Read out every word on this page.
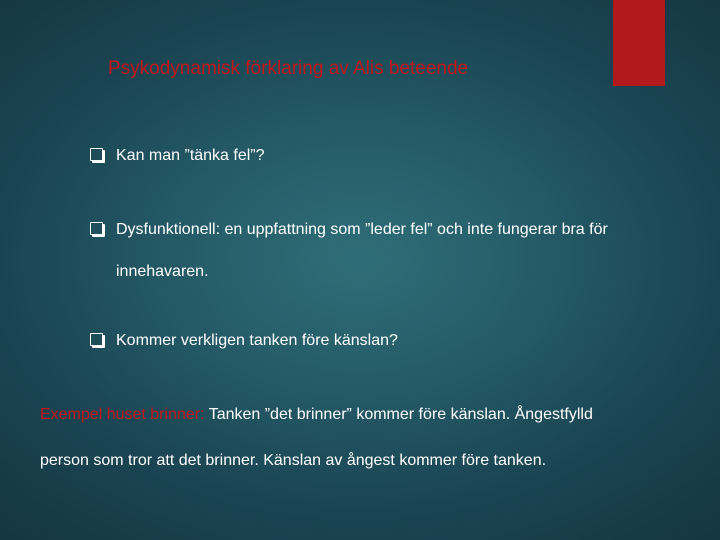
Psykodynamisk förklaring av Alis beteende
Kan man ”tänka fel”?
Dysfunktionell: en uppfattning som ”leder fel” och inte fungerar bra för
innehavaren.
Kommer verkligen tanken före känslan?
Exempel huset brinner: Tanken ”det brinner” kommer före känslan. Ångestfylld
person som tror att det brinner. Känslan av ångest kommer före tanken.
